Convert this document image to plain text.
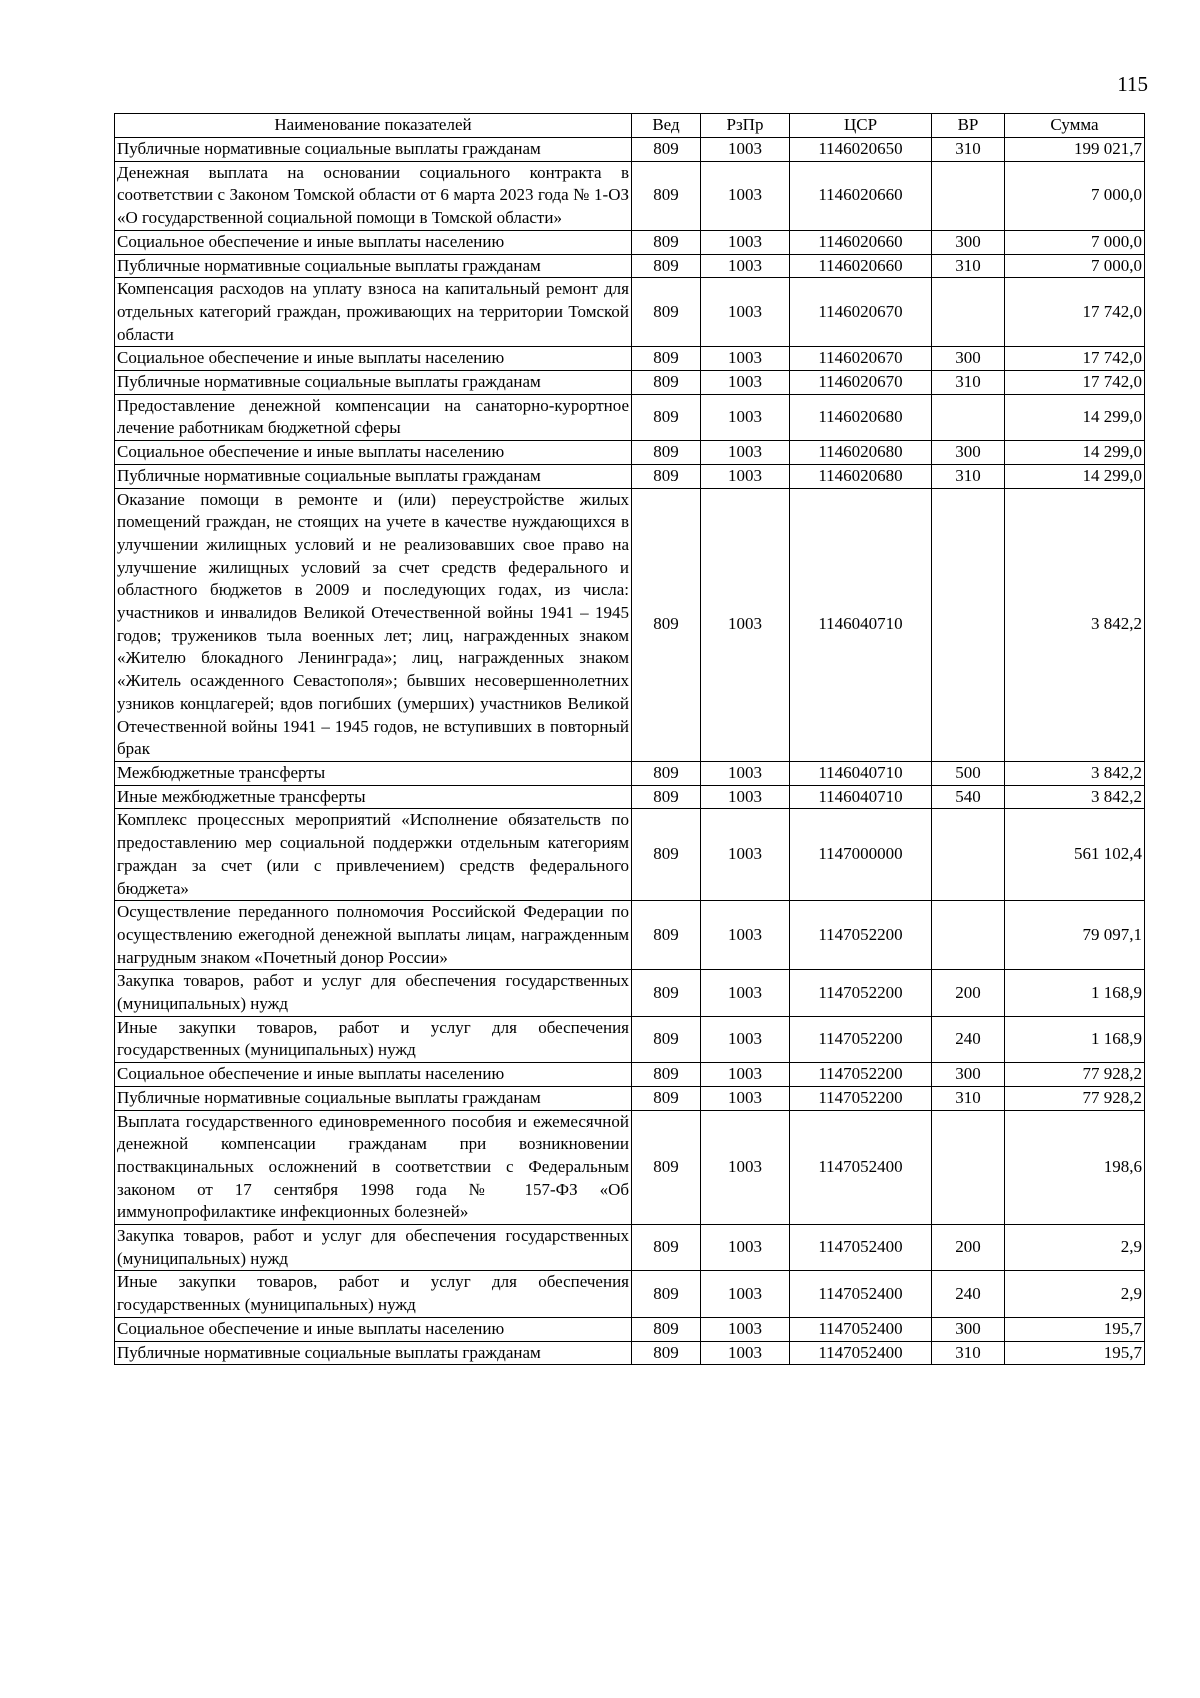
115
Наименование показателей	Вед	РзПр	ЦСР	ВР	Сумма
Публичные нормативные социальные выплаты гражданам	809	1003	1146020650	310	199 021,7
Денежная выплата на основании социального контракта в соответствии с Законом Томской области от 6 марта 2023 года № 1-ОЗ «О государственной социальной помощи в Томской области»	809	1003	1146020660		7 000,0
Социальное обеспечение и иные выплаты населению	809	1003	1146020660	300	7 000,0
Публичные нормативные социальные выплаты гражданам	809	1003	1146020660	310	7 000,0
Компенсация расходов на уплату взноса на капитальный ремонт для отдельных категорий граждан, проживающих на территории Томской области	809	1003	1146020670		17 742,0
Социальное обеспечение и иные выплаты населению	809	1003	1146020670	300	17 742,0
Публичные нормативные социальные выплаты гражданам	809	1003	1146020670	310	17 742,0
Предоставление денежной компенсации на санаторно-курортное лечение работникам бюджетной сферы	809	1003	1146020680		14 299,0
Социальное обеспечение и иные выплаты населению	809	1003	1146020680	300	14 299,0
Публичные нормативные социальные выплаты гражданам	809	1003	1146020680	310	14 299,0
Оказание помощи в ремонте и (или) переустройстве жилых помещений граждан, не стоящих на учете в качестве нуждающихся в улучшении жилищных условий и не реализовавших свое право на улучшение жилищных условий за счет средств федерального и областного бюджетов в 2009 и последующих годах, из числа: участников и инвалидов Великой Отечественной войны 1941 – 1945 годов; тружеников тыла военных лет; лиц, награжденных знаком «Жителю блокадного Ленинграда»; лиц, награжденных знаком «Житель осажденного Севастополя»; бывших несовершеннолетних узников концлагерей; вдов погибших (умерших) участников Великой Отечественной войны 1941 – 1945 годов, не вступивших в повторный брак	809	1003	1146040710		3 842,2
Межбюджетные трансферты	809	1003	1146040710	500	3 842,2
Иные межбюджетные трансферты	809	1003	1146040710	540	3 842,2
Комплекс процессных мероприятий «Исполнение обязательств по предоставлению мер социальной поддержки отдельным категориям граждан за счет (или с привлечением) средств федерального бюджета»	809	1003	1147000000		561 102,4
Осуществление переданного полномочия Российской Федерации по осуществлению ежегодной денежной выплаты лицам, награжденным нагрудным знаком «Почетный донор России»	809	1003	1147052200		79 097,1
Закупка товаров, работ и услуг для обеспечения государственных (муниципальных) нужд	809	1003	1147052200	200	1 168,9
Иные закупки товаров, работ и услуг для обеспечения государственных (муниципальных) нужд	809	1003	1147052200	240	1 168,9
Социальное обеспечение и иные выплаты населению	809	1003	1147052200	300	77 928,2
Публичные нормативные социальные выплаты гражданам	809	1003	1147052200	310	77 928,2
Выплата государственного единовременного пособия и ежемесячной денежной компенсации гражданам при возникновении поствакцинальных осложнений в соответствии с Федеральным законом от 17 сентября 1998 года № 157-ФЗ «Об иммунопрофилактике инфекционных болезней»	809	1003	1147052400		198,6
Закупка товаров, работ и услуг для обеспечения государственных (муниципальных) нужд	809	1003	1147052400	200	2,9
Иные закупки товаров, работ и услуг для обеспечения государственных (муниципальных) нужд	809	1003	1147052400	240	2,9
Социальное обеспечение и иные выплаты населению	809	1003	1147052400	300	195,7
Публичные нормативные социальные выплаты гражданам	809	1003	1147052400	310	195,7
